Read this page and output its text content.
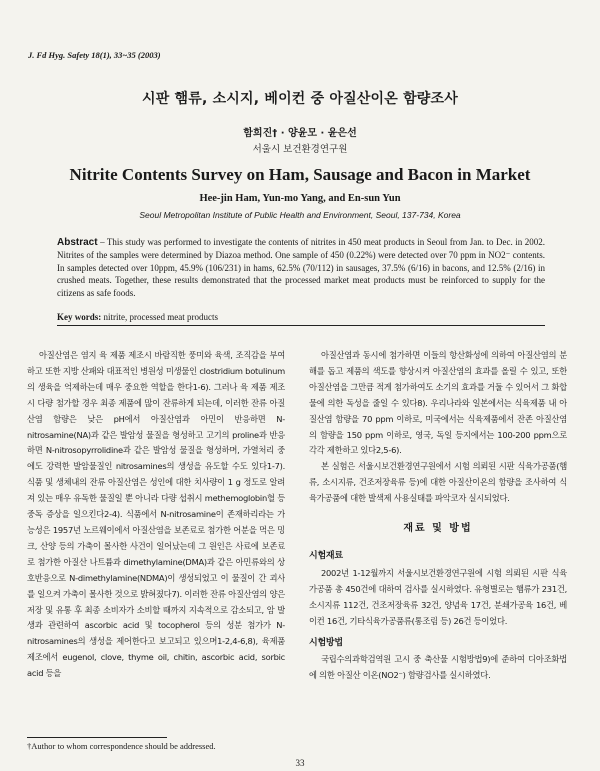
J. Fd Hyg. Safety 18(1), 33~35 (2003)
시판 햄류, 소시지, 베이컨 중 아질산이온 함량조사
함희진† · 양윤모 · 윤은선
서울시 보건환경연구원
Nitrite Contents Survey on Ham, Sausage and Bacon in Market
Hee-jin Ham, Yun-mo Yang, and En-sun Yun
Seoul Metropolitan Institute of Public Health and Environment, Seoul, 137-734, Korea
Abstract – This study was performed to investigate the contents of nitrites in 450 meat products in Seoul from Jan. to Dec. in 2002. Nitrites of the samples were determined by Diazoa method. One sample of 450 (0.22%) were detected over 70 ppm in NO2⁻ contents. In samples detected over 10ppm, 45.9% (106/231) in hams, 62.5% (70/112) in sausages, 37.5% (6/16) in bacons, and 12.5% (2/16) in crushed meats. Together, these results demonstrated that the processed market meat products must be reinforced to supply for the citizens as safe foods.
Key words: nitrite, processed meat products

아질산염은 염지 육 제품 제조시 바람직한 풍미와 육색, 조직감을 부여하고 또한 지방 산패와 대표적인 병원성 미생물인 clostridium botulinum의 생육을 억제하는데 매우 중요한 역할을 한다1-6). 그러나 육 제품 제조시 다량 첨가할 경우 최종 제품에 많이 잔류하게 되는데, 이러한 잔류 아질산염 함량은 낮은 pH에서 아질산염과 아민이 반응하면 N-nitrosamine(NA)과 같은 발암성 물질을 형성하고 고기의 proline과 반응하면 N-nitrosopyrrolidine과 같은 발암성 물질을 형성하며, 가열처리 중에도 강력한 발암물질인 nitrosamines의 생성을 유도할 수도 있다1-7). 식품 및 생체내의 잔류 아질산염은 성인에 대한 치사량이 1 g 정도로 알려져 있는 매우 유독한 물질일 뿐 아니라 다량 섭취시 methemoglobin혈 등 중독 증상을 일으킨다2-4). 식품에서 N-nitrosamine이 존재하리라는 가능성은 1957년 노르웨이에서 아질산염을 보존료로 첨가한 어분을 먹은 밍크, 산양 등의 가축이 몰사한 사건이 일어났는데 그 원인은 사료에 보존료로 첨가한 아질산 나트륨과 dimethylamine(DMA)과 같은 아민류와의 상호반응으로 N-dimethylamine(NDMA)이 생성되었고 이 물질이 간 괴사를 일으켜 가축이 몰사한 것으로 밝혀졌다7). 이러한 잔류 아질산염의 양은 저장 및 유통 후 최종 소비자가 소비할 때까지 지속적으로 감소되고, 암 발생과 관련하여 ascorbic acid 및 tocopherol 등의 성분 첨가가 N-nitrosamines의 생성을 제어한다고 보고되고 있으며1-2,4-6,8), 육제품 제조에서 eugenol, clove, thyme oil, chitin, ascorbic acid, sorbic acid 등을

아질산염과 동시에 첨가하면 이들의 항산화성에 의하여 아질산염의 분해를 돕고 제품의 색도를 향상시켜 아질산염의 효과를 올릴 수 있고, 또한 아질산염을 그만큼 적게 첨가하여도 소기의 효과를 거둘 수 있어서 그 화합물에 의한 독성을 줄일 수 있다8). 우리나라와 일본에서는 식육제품 내 아질산염 함량을 70 ppm 이하로, 미국에서는 식육제품에서 잔존 아질산염의 함량을 150 ppm 이하로, 영국, 독일 등지에서는 100-200 ppm으로 각각 제한하고 있다2,5-6).

본 실험은 서울시보건환경연구원에서 시험 의뢰된 시판 식육가공품(햄류, 소시지류, 건조저장육류 등)에 대한 아질산이온의 함량을 조사하여 식육가공품에 대한 발색제 사용실태를 파악코자 실시되었다.

재료 및 방법
시험재료

2002년 1-12월까지 서울시보건환경연구원에 시험 의뢰된 시판 식육가공품 총 450건에 대하여 검사를 실시하였다. 유형별로는 햄류가 231건, 소시지류 112건, 건조저장육류 32건, 양념육 17건, 분쇄가공육 16건, 베이컨 16건, 기타식육가공품류(통조림 등) 26건 등이었다.

시험방법

국립수의과학검역원 고시 중 축산물 시험방법9)에 준하여 디아조화법에 의한 아질산 이온(NO2⁻) 함량검사를 실시하였다.

†Author to whom correspondence should be addressed.
33
